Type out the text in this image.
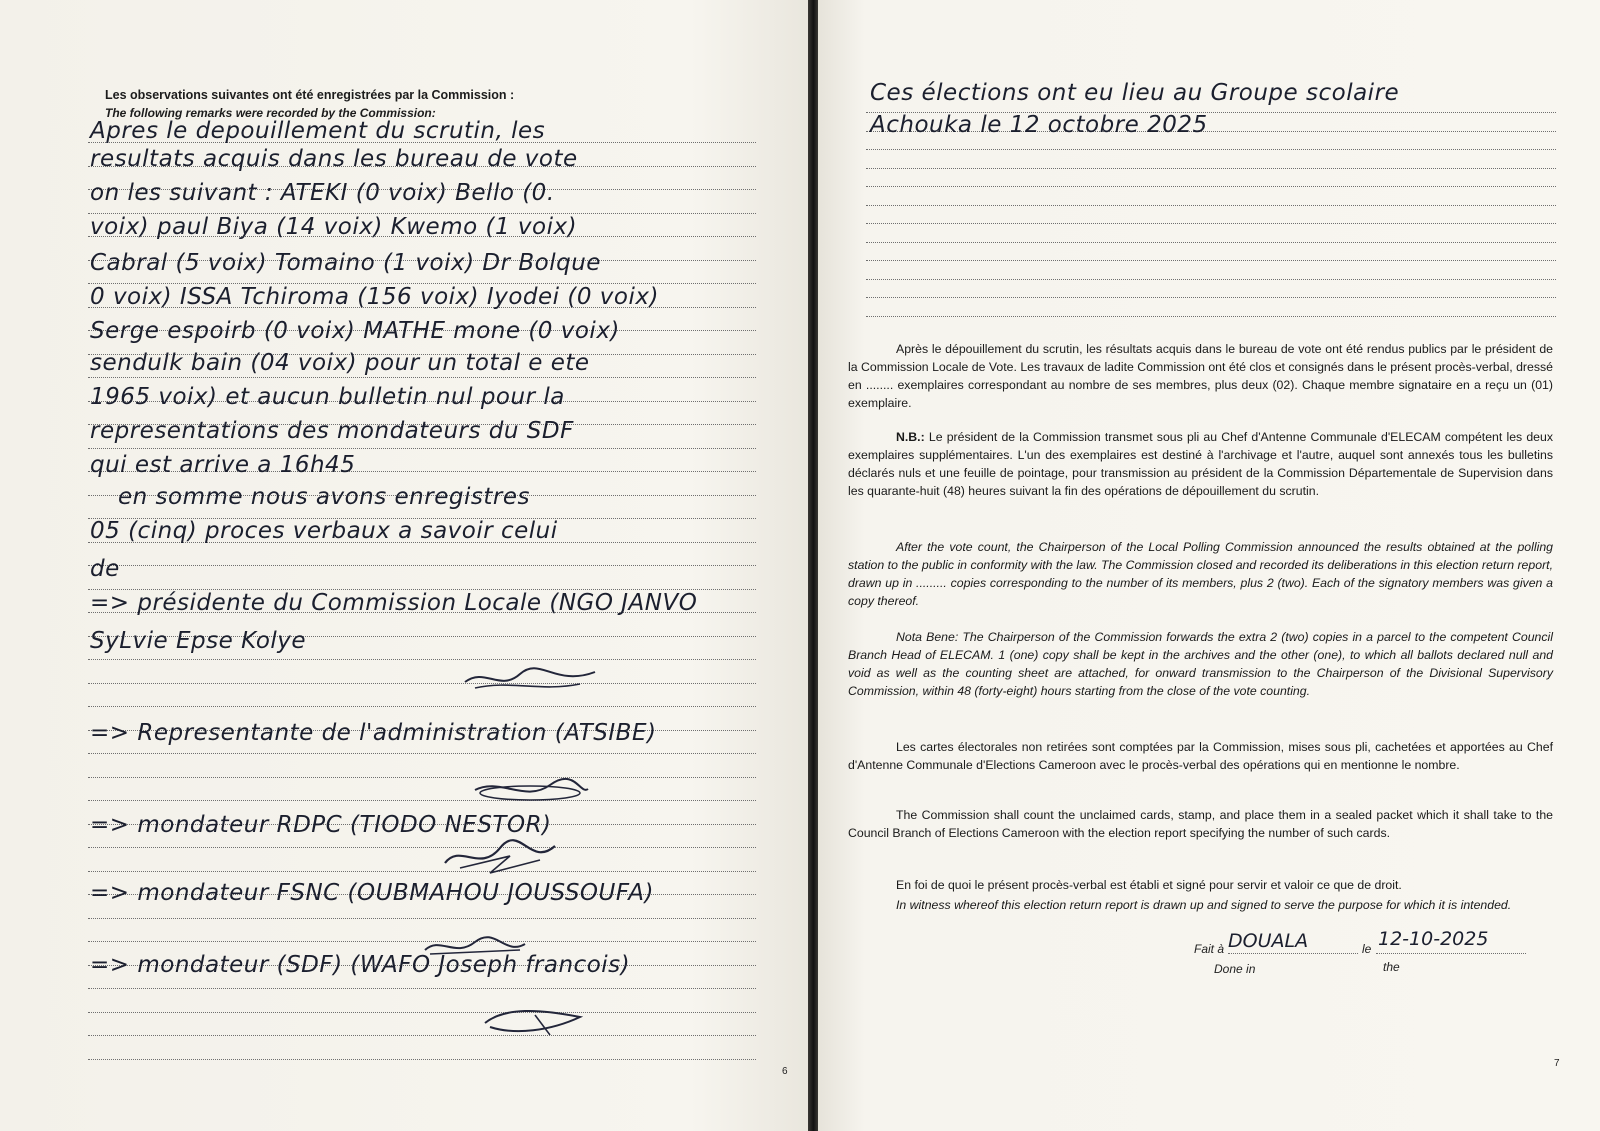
Les observations suivantes ont été enregistrées par la Commission :
The following remarks were recorded by the Commission:
Apres le depouillement du scrutin, les
resultats acquis dans les bureau de vote
on les suivant : ATEKI (0 voix) Bello (0.
voix) paul Biya (14 voix) Kwemo (1 voix)
Cabral (5 voix) Tomaino (1 voix) Dr Bolque
0 voix) ISSA Tchiroma (156 voix) Iyodei (0 voix)
Serge espoirb (0 voix) MATHE mone (0 voix)
sendulk bain (04 voix) pour un total e ete
1965 voix) et aucun bulletin nul pour la
representations des mondateurs du SDF
qui est arrive a 16h45
en somme nous avons enregistres
05 (cinq) proces verbaux a savoir celui
de
=> présidente du Commission Locale (NGO JANVO
SyLvie Epse Kolye
=> Representante de l'administration (ATSIBE)
=> mondateur RDPC (TIODO NESTOR)
=> mondateur FSNC (OUBMAHOU JOUSSOUFA)
=> mondateur (SDF) (WAFO Joseph francois)
6
Ces élections ont eu lieu au Groupe scolaire
Achouka le 12 octobre 2025
Après le dépouillement du scrutin, les résultats acquis dans le bureau de vote ont été rendus publics par le président de la Commission Locale de Vote. Les travaux de ladite Commission ont été clos et consignés dans le présent procès-verbal, dressé en ........ exemplaires correspondant au nombre de ses membres, plus deux (02). Chaque membre signataire en a reçu un (01) exemplaire.
N.B.: Le président de la Commission transmet sous pli au Chef d'Antenne Communale d'ELECAM compétent les deux exemplaires supplémentaires. L'un des exemplaires est destiné à l'archivage et l'autre, auquel sont annexés tous les bulletins déclarés nuls et une feuille de pointage, pour transmission au président de la Commission Départementale de Supervision dans les quarante-huit (48) heures suivant la fin des opérations de dépouillement du scrutin.
After the vote count, the Chairperson of the Local Polling Commission announced the results obtained at the polling station to the public in conformity with the law. The Commission closed and recorded its deliberations in this election return report, drawn up in ......... copies corresponding to the number of its members, plus 2 (two). Each of the signatory members was given a copy thereof.
Nota Bene: The Chairperson of the Commission forwards the extra 2 (two) copies in a parcel to the competent Council Branch Head of ELECAM. 1 (one) copy shall be kept in the archives and the other (one), to which all ballots declared null and void as well as the counting sheet are attached, for onward transmission to the Chairperson of the Divisional Supervisory Commission, within 48 (forty-eight) hours starting from the close of the vote counting.
Les cartes électorales non retirées sont comptées par la Commission, mises sous pli, cachetées et apportées au Chef d'Antenne Communale d'Elections Cameroon avec le procès-verbal des opérations qui en mentionne le nombre.
The Commission shall count the unclaimed cards, stamp, and place them in a sealed packet which it shall take to the Council Branch of Elections Cameroon with the election report specifying the number of such cards.
En foi de quoi le présent procès-verbal est établi et signé pour servir et valoir ce que de droit.
In witness whereof this election return report is drawn up and signed to serve the purpose for which it is intended.
Fait à DOUALA	le 12-10-2025
Done in	the
7
